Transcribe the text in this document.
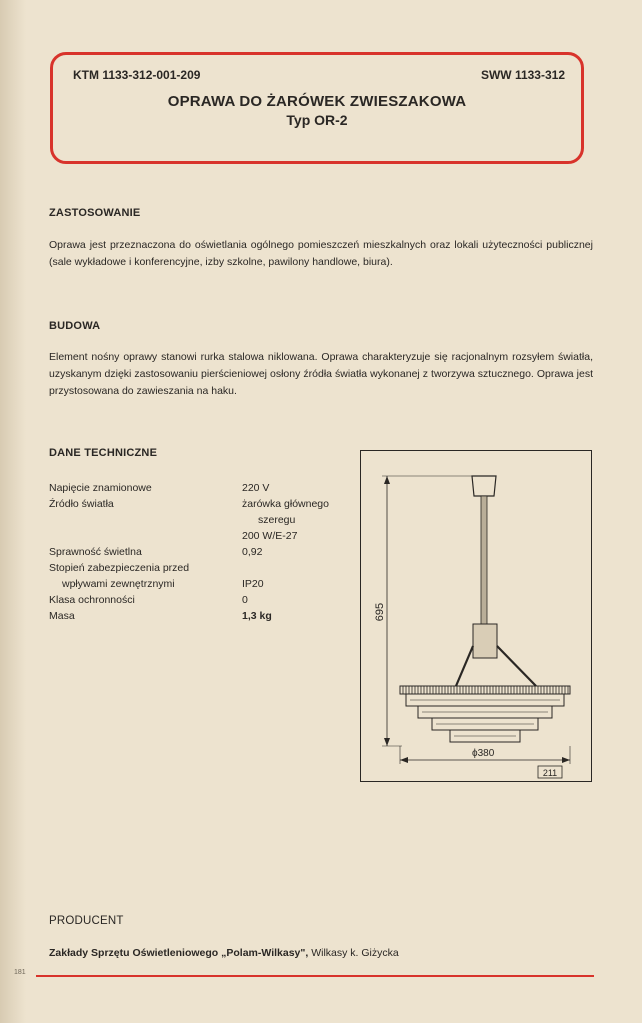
KTM 1133-312-001-209	SWW 1133-312
OPRAWA DO ŻARÓWEK ZWIESZAKOWA
Typ OR-2
ZASTOSOWANIE
Oprawa jest przeznaczona do oświetlania ogólnego pomieszczeń mieszkalnych oraz lokali użyteczności publicznej (sale wykładowe i konferencyjne, izby szkolne, pawilony handlowe, biura).
BUDOWA
Element nośny oprawy stanowi rurka stalowa niklowana. Oprawa charakteryzuje się racjonalnym rozsyłem światła, uzyskanym dzięki zastosowaniu pierścieniowej osłony źródła światła wykonanej z tworzywa sztucznego. Oprawa jest przystosowana do zawieszania na haku.
DANE TECHNICZNE
Napięcie znamionowe	220 V
Źródło światła	żarówka głównego
szeregu
200 W/E-27
Sprawność świetlna	0,92
Stopień zabezpieczenia przed
wpływami zewnętrznymi	IP20
Klasa ochronności	0
Masa	1,3 kg	695
ϕ380
211
PRODUCENT
Zakłady Sprzętu Oświetleniowego „Polam-Wilkasy", Wilkasy k. Giżycka
181
